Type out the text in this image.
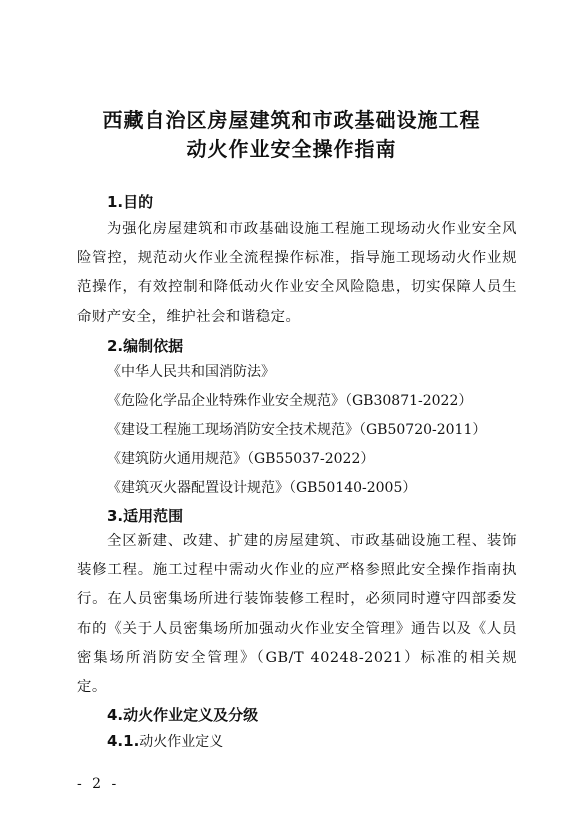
西藏自治区房屋建筑和市政基础设施工程
动火作业安全操作指南
1.目的
为强化房屋建筑和市政基础设施工程施工现场动火作业安全风险管控，规范动火作业全流程操作标准，指导施工现场动火作业规范操作，有效控制和降低动火作业安全风险隐患，切实保障人员生命财产安全，维护社会和谐稳定。
2.编制依据
《中华人民共和国消防法》
《危险化学品企业特殊作业安全规范》（GB30871-2022）
《建设工程施工现场消防安全技术规范》（GB50720-2011）
《建筑防火通用规范》（GB55037-2022）
《建筑灭火器配置设计规范》（GB50140-2005）
3.适用范围
全区新建、改建、扩建的房屋建筑、市政基础设施工程、装饰装修工程。施工过程中需动火作业的应严格参照此安全操作指南执行。在人员密集场所进行装饰装修工程时，必须同时遵守四部委发布的《关于人员密集场所加强动火作业安全管理》通告以及《人员密集场所消防安全管理》（GB/T 40248-2021）标准的相关规定。
4.动火作业定义及分级
4.1.动火作业定义
- 2 -
